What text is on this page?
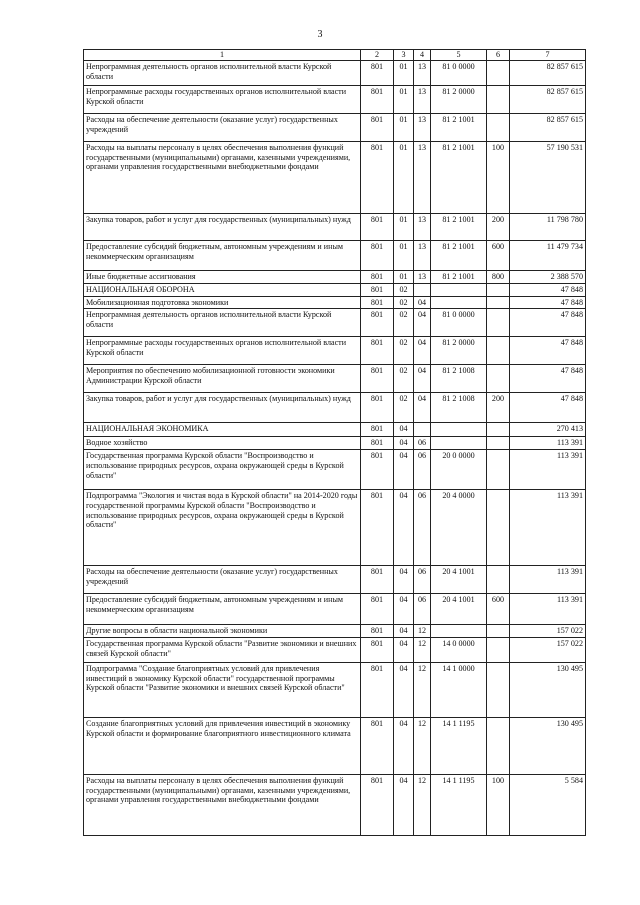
3
1	2	3	4	5	6	7
Непрограммная деятельность органов исполнительной власти Курской области	801	01	13	81 0 0000		82 857 615
Непрограммные расходы государственных органов исполнительной власти Курской области	801	01	13	81 2 0000		82 857 615
Расходы на обеспечение деятельности (оказание услуг) государственных учреждений	801	01	13	81 2 1001		82 857 615
Расходы на выплаты персоналу в целях обеспечения выполнения функций государственными (муниципальными) органами, казенными учреждениями, органами управления государственными внебюджетными фондами	801	01	13	81 2 1001	100	57 190 531
Закупка товаров, работ и услуг для государственных (муниципальных) нужд	801	01	13	81 2 1001	200	11 798 780
Предоставление субсидий бюджетным, автономным учреждениям и иным некоммерческим организациям	801	01	13	81 2 1001	600	11 479 734
Иные бюджетные ассигнования	801	01	13	81 2 1001	800	2 388 570
НАЦИОНАЛЬНАЯ ОБОРОНА	801	02				47 848
Мобилизационная подготовка экономики	801	02	04			47 848
Непрограммная деятельность органов исполнительной власти Курской области	801	02	04	81 0 0000		47 848
Непрограммные расходы государственных органов исполнительной власти Курской области	801	02	04	81 2 0000		47 848
Мероприятия по обеспечению мобилизационной готовности экономики Администрации Курской области	801	02	04	81 2 1008		47 848
Закупка товаров, работ и услуг для государственных (муниципальных) нужд	801	02	04	81 2 1008	200	47 848
НАЦИОНАЛЬНАЯ ЭКОНОМИКА	801	04				270 413
Водное хозяйство	801	04	06			113 391
Государственная программа Курской области "Воспроизводство и использование природных ресурсов, охрана окружающей среды в Курской области"	801	04	06	20 0 0000		113 391
Подпрограмма "Экология и чистая вода в Курской области" на 2014-2020 годы государственной программы Курской области "Воспроизводство и использование природных ресурсов, охрана окружающей среды в Курской области"	801	04	06	20 4 0000		113 391
Расходы на обеспечение деятельности (оказание услуг) государственных учреждений	801	04	06	20 4 1001		113 391
Предоставление субсидий бюджетным, автономным учреждениям и иным некоммерческим организациям	801	04	06	20 4 1001	600	113 391
Другие вопросы в области национальной экономики	801	04	12			157 022
Государственная программа Курской области "Развитие экономики и внешних связей Курской области"	801	04	12	14 0 0000		157 022
Подпрограмма "Создание благоприятных условий для привлечения инвестиций в экономику Курской области" государственной программы Курской области "Развитие экономики и внешних связей Курской области"	801	04	12	14 1 0000		130 495
Создание благоприятных условий для привлечения инвестиций в экономику Курской области и формирование благоприятного инвестиционного климата	801	04	12	14 1 1195		130 495
Расходы на выплаты персоналу в целях обеспечения выполнения функций государственными (муниципальными) органами, казенными учреждениями, органами управления государственными внебюджетными фондами	801	04	12	14 1 1195	100	5 584
